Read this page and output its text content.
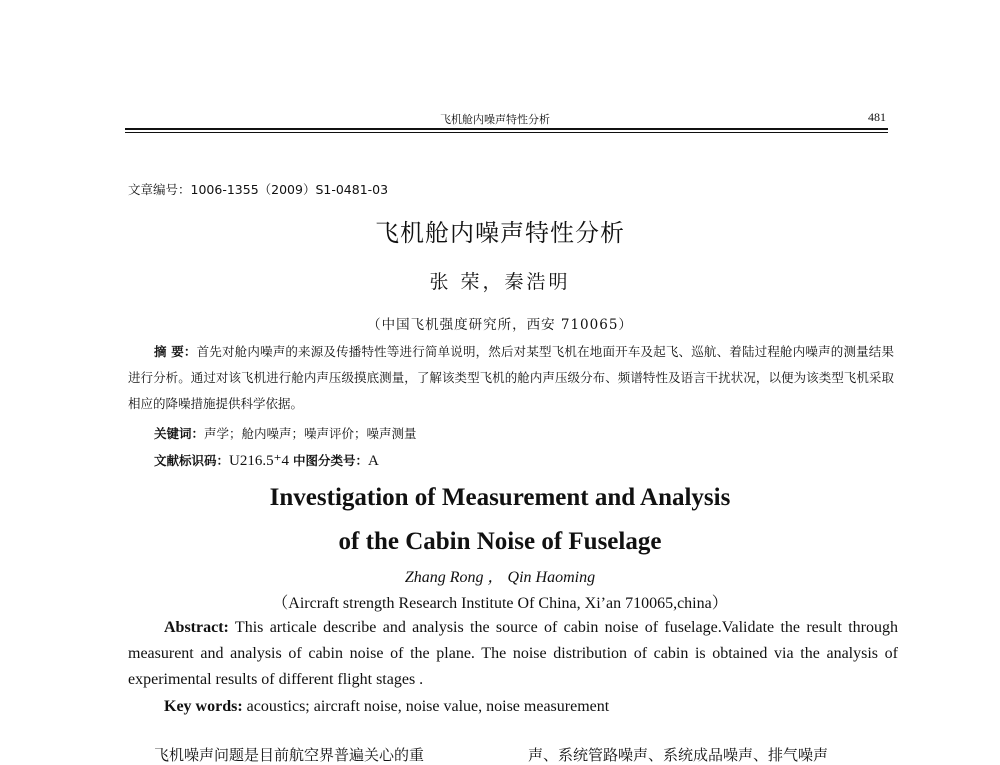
飞机舱内噪声特性分析	481
文章编号：1006-1355（2009）S1-0481-03
飞机舱内噪声特性分析
张 荣，秦浩明
（中国飞机强度研究所，西安 710065）
摘 要：首先对舱内噪声的来源及传播特性等进行简单说明，然后对某型飞机在地面开车及起飞、巡航、着陆过程舱内噪声的测量结果进行分析。通过对该飞机进行舱内声压级摸底测量，了解该类型飞机的舱内声压级分布、频谱特性及语言干扰状况，以便为该类型飞机采取相应的降噪措施提供科学依据。
关键词：声学；舱内噪声；噪声评价；噪声测量
文献标识码：U216.5⁺4 中图分类号：A
Investigation of Measurement and Analysis
of the Cabin Noise of Fuselage
Zhang Rong ， Qin Haoming
（Aircraft strength Research Institute Of China, Xi’an 710065,china）
Abstract: This articale describe and analysis the source of cabin noise of fuselage.Validate the result through measurent and analysis of cabin noise of the plane. The noise distribution of cabin is obtained via the analysis of experimental results of different flight stages .
Key words: acoustics; aircraft noise, noise value, noise measurement
飞机噪声问题是目前航空界普遍关心的重	声、系统管路噪声、系统成品噪声、排气噪声
